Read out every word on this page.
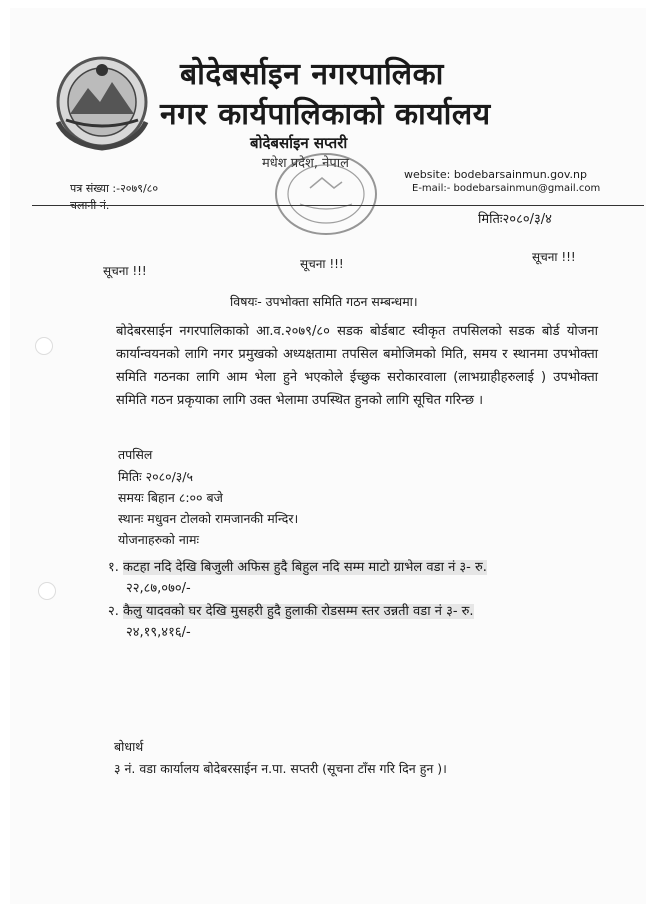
बोदेबर्साइन नगरपालिका
नगर कार्यपालिकाको कार्यालय
बोदेबर्साइन सप्तरी
मधेश प्रदेश, नेपाल
पत्र संख्या :-२०७९/८०
चलानी नं.
website: bodebarsainmun.gov.np
E-mail:- bodebarsainmun@gmail.com
मितिः२०८०/३/४
सूचना !!!	सूचना !!!	सूचना !!!
विषयः- उपभोक्ता समिति गठन सम्बन्धमा।
बोदेबरसाईन नगरपालिकाको आ.व.२०७९/८० सडक बोर्डबाट स्वीकृत तपसिलको सडक बोर्ड योजना कार्यान्वयनको लागि नगर प्रमुखको अध्यक्षतामा तपसिल बमोजिमको मिति, समय र स्थानमा उपभोक्ता समिति गठनका लागि आम भेला हुने भएकोले ईच्छुक सरोकारवाला (लाभग्राहीहरुलाई ) उपभोक्ता समिति गठन प्रकृयाका लागि उक्त भेलामा उपस्थित हुनको लागि सूचित गरिन्छ ।
तपसिल
मितिः २०८०/३/५
समयः बिहान ८:०० बजे
स्थानः मधुवन टोलको रामजानकी मन्दिर।
योजनाहरुको नामः
१. कटहा नदि देखि बिजुली अफिस हुदै बिहुल नदि सम्म माटो ग्राभेल वडा नं ३- रु.
२२,८७,०७०/-
२. कैलु यादवको घर देखि मुसहरी हुदै हुलाकी रोडसम्म स्तर उन्नती वडा नं ३- रु.
२४,१९,४१६/-
बोधार्थ
३ नं. वडा कार्यालय बोदेबरसाईन न.पा. सप्तरी (सूचना टाँस गरि दिन हुन )।
